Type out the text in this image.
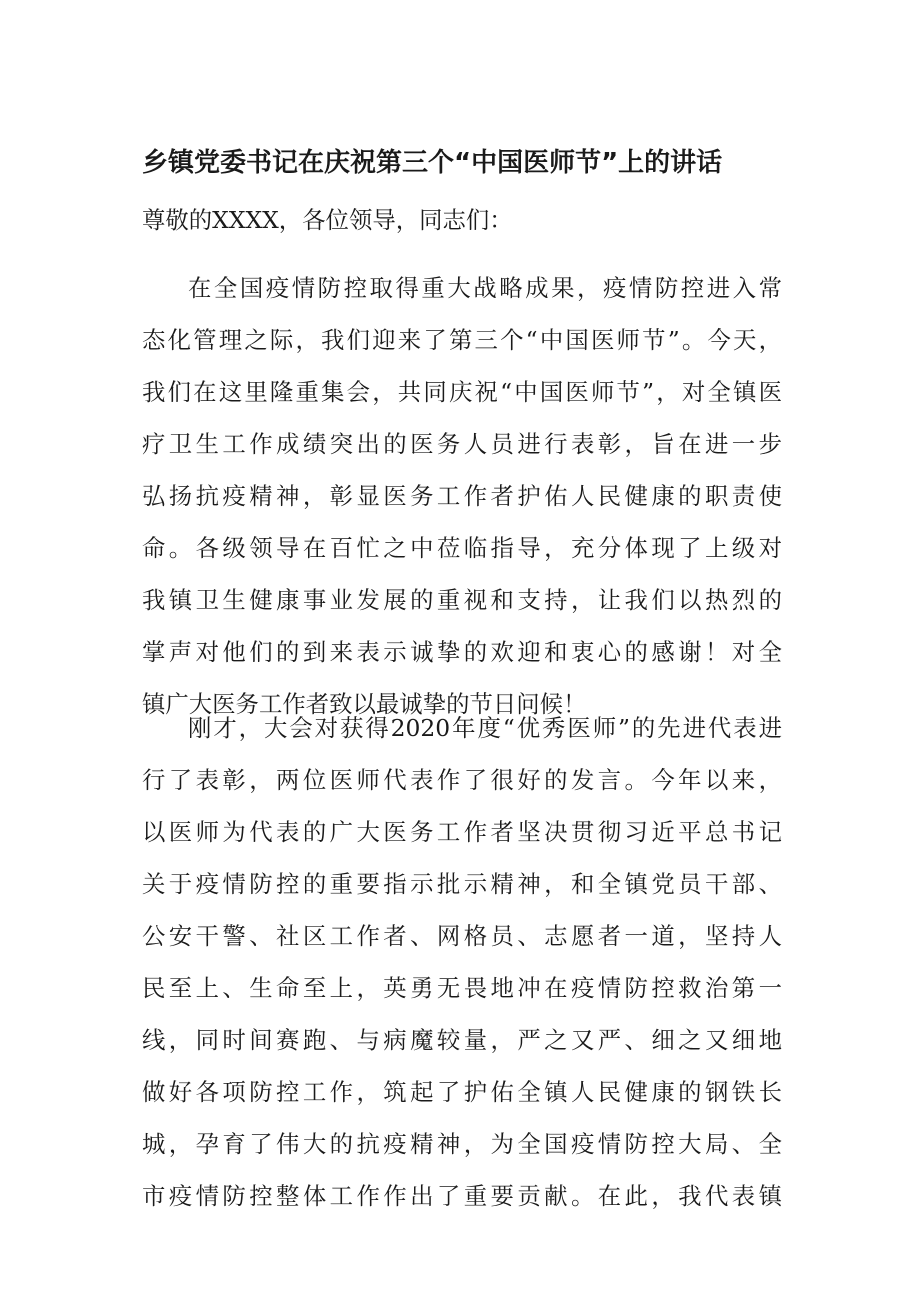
乡镇党委书记在庆祝第三个“中国医师节”上的讲话
尊敬的XXXX，各位领导，同志们：
在全国疫情防控取得重大战略成果，疫情防控进入常
态化管理之际，我们迎来了第三个“中国医师节”。今天，
我们在这里隆重集会，共同庆祝“中国医师节”，对全镇医
疗卫生工作成绩突出的医务人员进行表彰，旨在进一步
弘扬抗疫精神，彰显医务工作者护佑人民健康的职责使
命。各级领导在百忙之中莅临指导，充分体现了上级对
我镇卫生健康事业发展的重视和支持，让我们以热烈的
掌声对他们的到来表示诚挚的欢迎和衷心的感谢！对全
镇广大医务工作者致以最诚挚的节日问候！
刚才，大会对获得2020年度“优秀医师”的先进代表进
行了表彰，两位医师代表作了很好的发言。今年以来，
以医师为代表的广大医务工作者坚决贯彻习近平总书记
关于疫情防控的重要指示批示精神，和全镇党员干部、
公安干警、社区工作者、网格员、志愿者一道，坚持人
民至上、生命至上，英勇无畏地冲在疫情防控救治第一
线，同时间赛跑、与病魔较量，严之又严、细之又细地
做好各项防控工作，筑起了护佑全镇人民健康的钢铁长
城，孕育了伟大的抗疫精神，为全国疫情防控大局、全
市疫情防控整体工作作出了重要贡献。在此，我代表镇
